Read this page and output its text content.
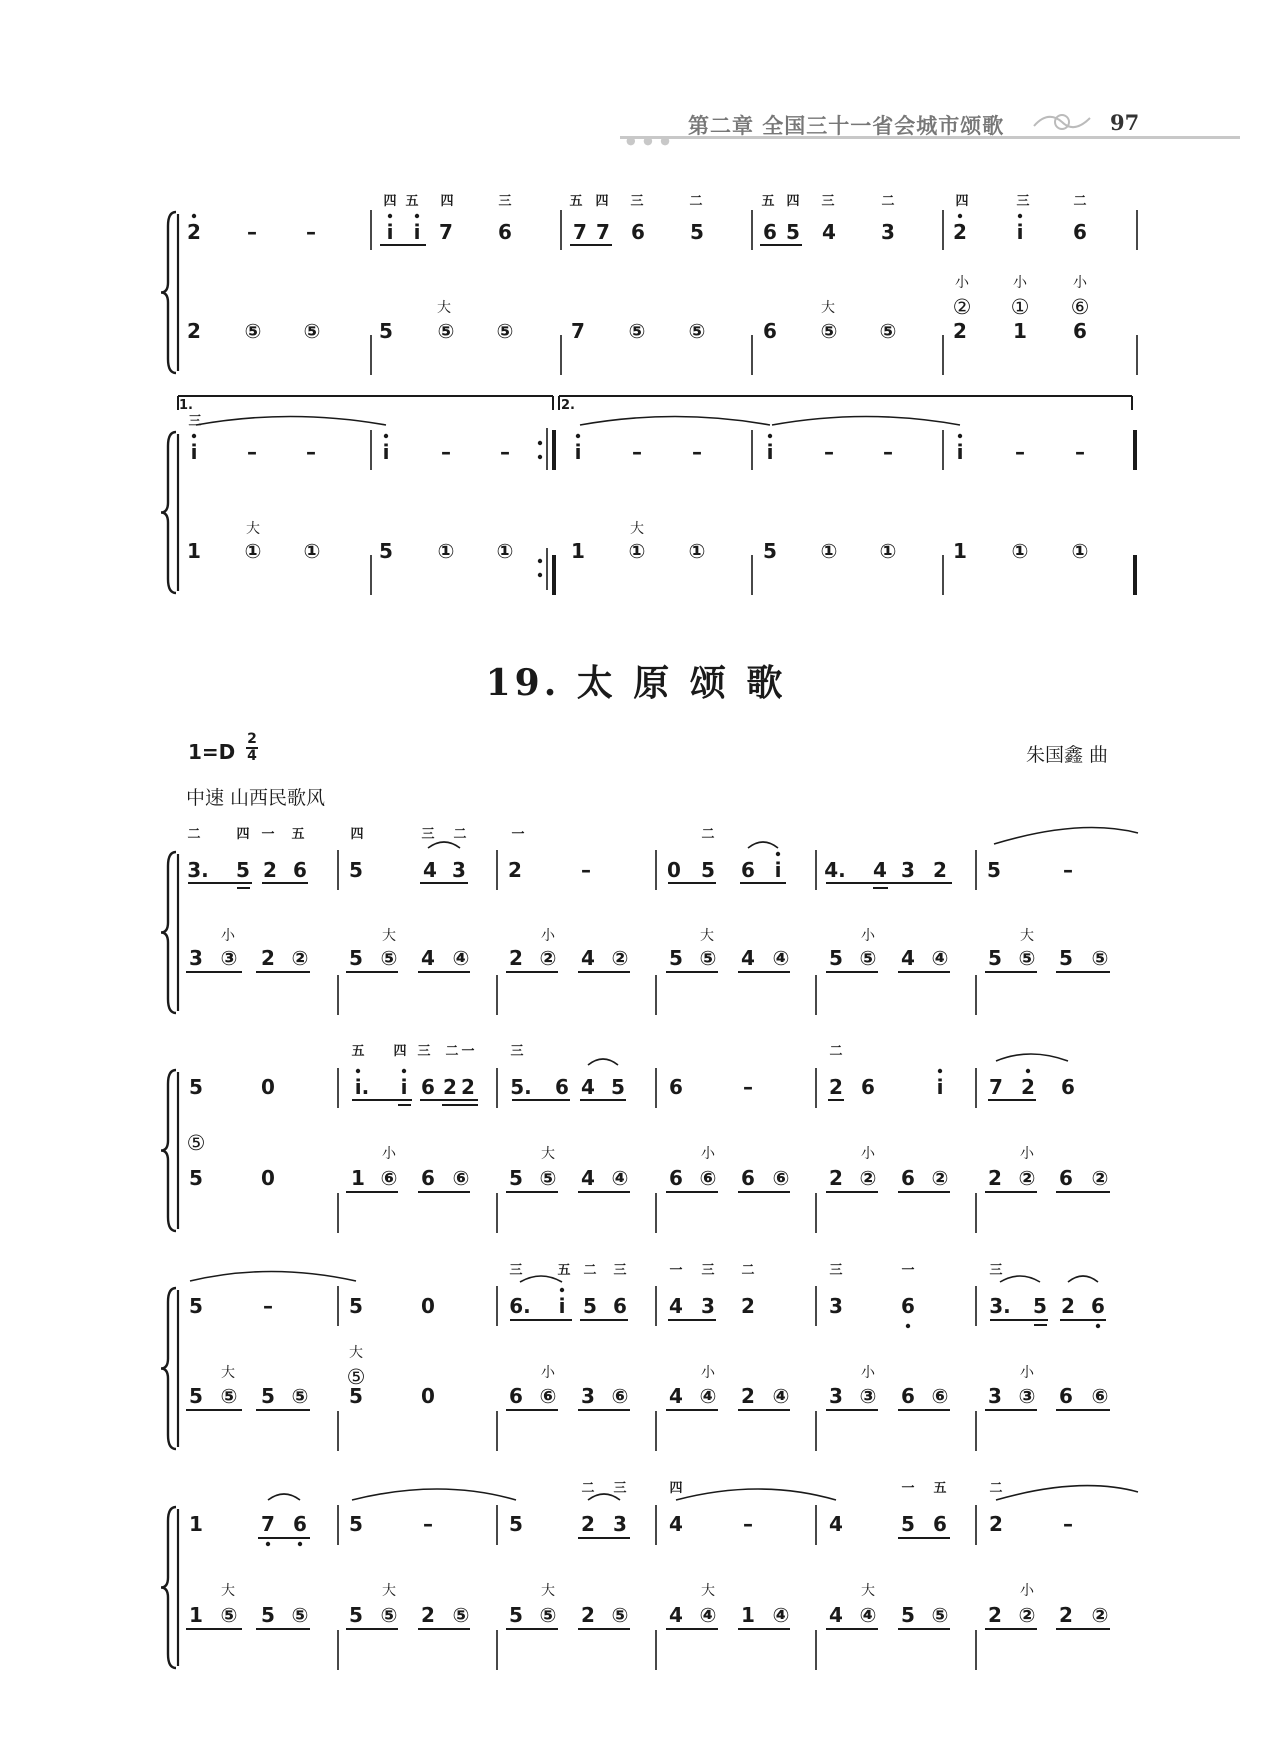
● ● ●
第二章 全国三十一省会城市颂歌	97
19. 太 原 颂 歌
1=D
2
4
中速 山西民歌风
朱国鑫 曲
四 五 四	三	五 四 三	二	五 四 三	二	四	三	二
2 – –	i i 7 6	7 7 6 5	6 5 4 3	2 i 6
小	小	小
大	大	② ① ⑥
2 ⑤ ⑤	5 ⑤ ⑤	7 ⑤ ⑤	6 ⑤ ⑤	2 1 6
1.	2.
三
i – –	i	– –	i	–	–	i	– –	i	–	–
大	大
1 ① ①	5 ① ①	1 ① ①	5 ① ①	1 ① ①
二	四 一 五	四	三 二	一	二
3. 5 2 6 5	4 3 2	–	0 5 6 i 4. 4 3 2 5	–
小	大	小	大	小	大
3 ③ 2 ② 5 ⑤ 4 ④ 2 ② 4 ② 5 ⑤ 4 ④ 5 ⑤ 4 ④ 5 ⑤ 5 ⑤
五 四 三 二 一	三	二
5	0	i. i 6 2 2 5. 6 4 5 6	–	2 6	i 7 2 6
⑤	小	大	小	小	小
5	0	1 ⑥ 6 ⑥ 5 ⑤ 4 ④ 6 ⑥ 6 ⑥ 2 ② 6 ② 2 ② 6 ②
三	五 二 三	一 三 二	三	一	三
5	–	5	0	6. i 5 6 4 3 2	3	6	3. 5 2 6
大
大	小	小	小	小
⑤
5 ⑤ 5 ⑤ 5	0	6 ⑥ 3 ⑥ 4 ④ 2 ④ 3 ③ 6 ⑥ 3 ③ 6 ⑥
二 三	四	一 五	二
1	7 6 5	–	5	2 3 4	–	4	5 6 2	–
大	大	大	大	大	小
1 ⑤ 5 ⑤ 5 ⑤ 2 ⑤ 5 ⑤ 2 ⑤ 4 ④ 1 ④ 4 ④ 5 ⑤ 2 ② 2 ②
